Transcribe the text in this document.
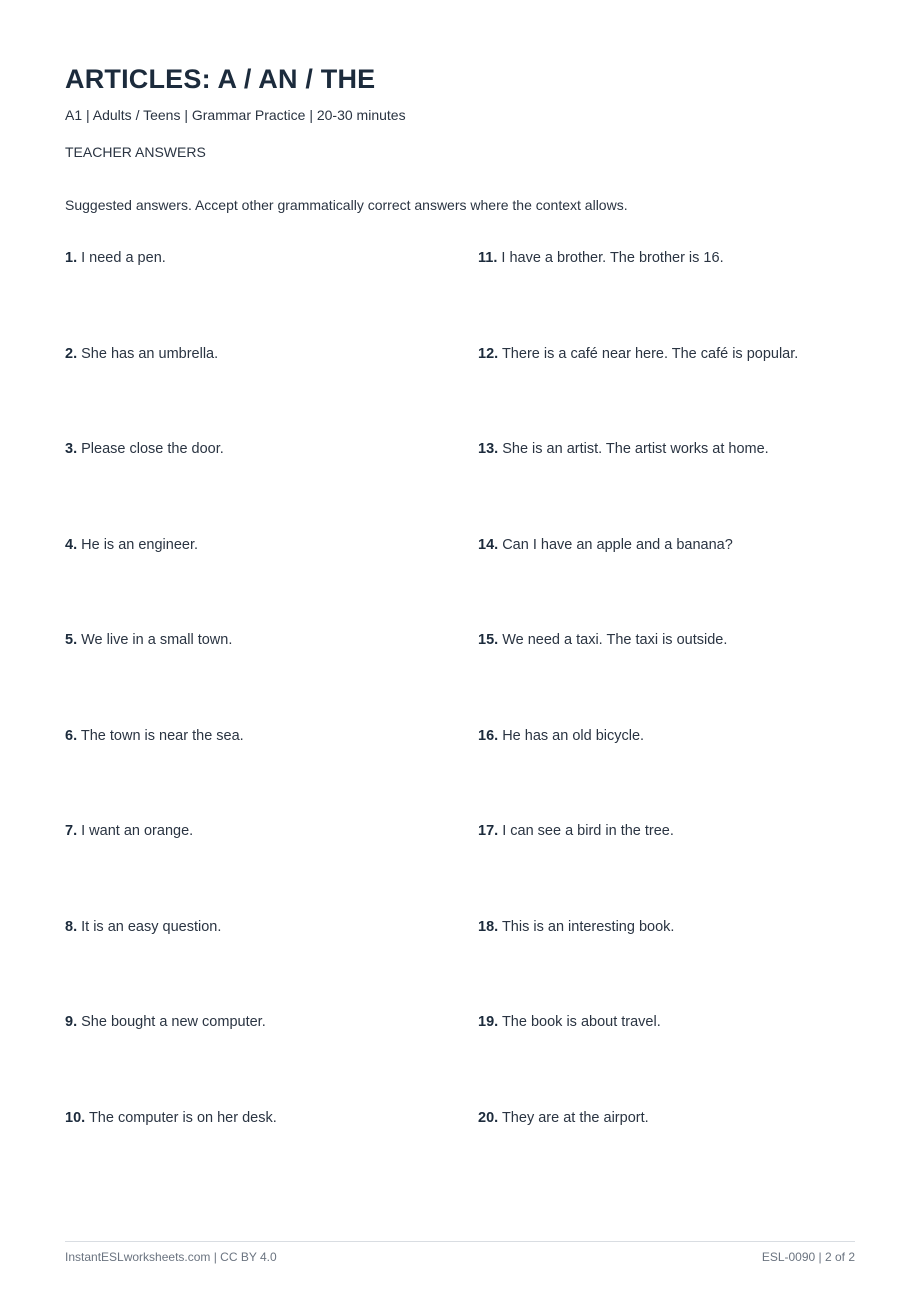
ARTICLES: A / AN / THE
A1 | Adults / Teens | Grammar Practice | 20-30 minutes
TEACHER ANSWERS
Suggested answers. Accept other grammatically correct answers where the context allows.
1. I need a pen.
2. She has an umbrella.
3. Please close the door.
4. He is an engineer.
5. We live in a small town.
6. The town is near the sea.
7. I want an orange.
8. It is an easy question.
9. She bought a new computer.
10. The computer is on her desk.
11. I have a brother. The brother is 16.
12. There is a café near here. The café is popular.
13. She is an artist. The artist works at home.
14. Can I have an apple and a banana?
15. We need a taxi. The taxi is outside.
16. He has an old bicycle.
17. I can see a bird in the tree.
18. This is an interesting book.
19. The book is about travel.
20. They are at the airport.
InstantESLworksheets.com | CC BY 4.0	ESL-0090 | 2 of 2
